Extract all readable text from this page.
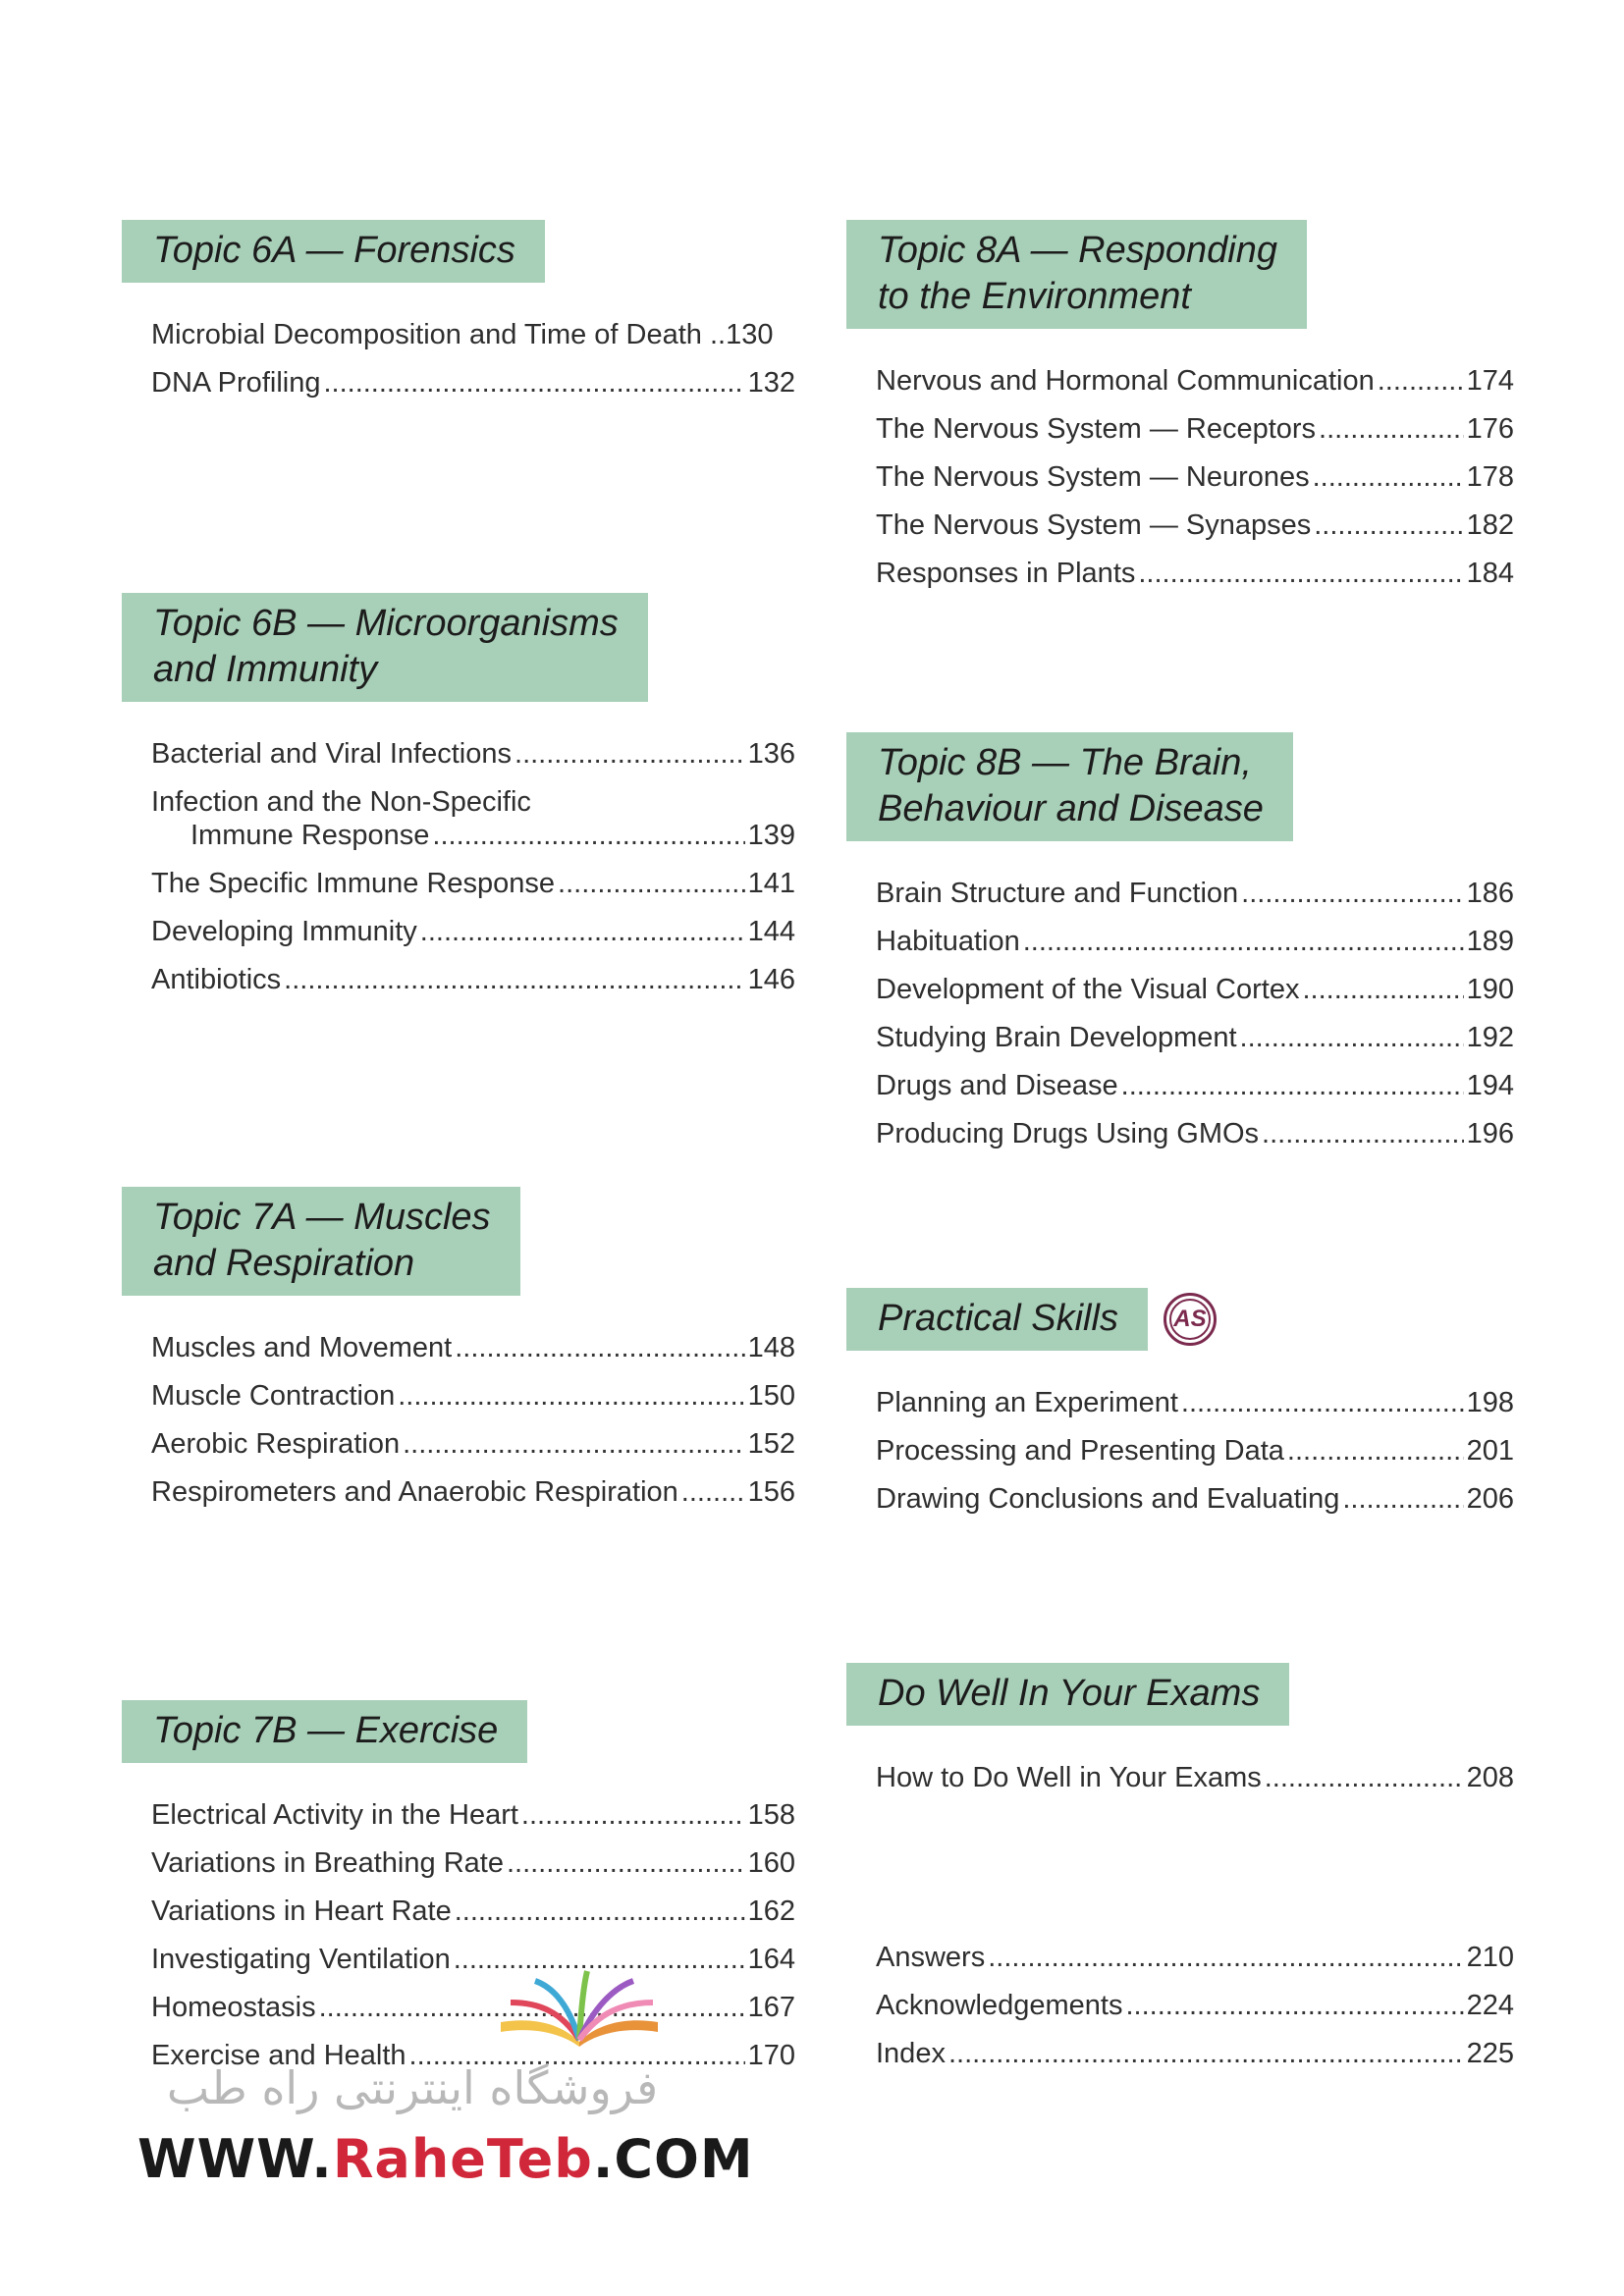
Topic 6A — Forensics
Microbial Decomposition and Time of Death .. 130
DNA Profiling .....	132
Topic 6B — Microorganisms
and Immunity
Bacterial and Viral Infections .....	136
Infection and the Non-Specific
Immune Response .....	139
The Specific Immune Response .....	141
Developing Immunity .....	144
Antibiotics .....	146
Topic 7A — Muscles
and Respiration
Muscles and Movement .....	148
Muscle Contraction .....	150
Aerobic Respiration .....	152
Respirometers and Anaerobic Respiration ..... 156
Topic 7B — Exercise
Electrical Activity in the Heart .....	158
Variations in Breathing Rate .....	160
Variations in Heart Rate .....	162
Investigating Ventilation .....	164
Homeostasis .....	167
Exercise and Health .....	170
Topic 8A — Responding
to the Environment
Nervous and Hormonal Communication .....	174
The Nervous System — Receptors .....	176
The Nervous System — Neurones .....	178
The Nervous System — Synapses .....	182
Responses in Plants .....	184
Topic 8B — The Brain,
Behaviour and Disease
Brain Structure and Function .....	186
Habituation .....	189
Development of the Visual Cortex .....	190
Studying Brain Development .....	192
Drugs and Disease .....	194
Producing Drugs Using GMOs .....	196
Practical Skills	AS
Planning an Experiment .....	198
Processing and Presenting Data .....	201
Drawing Conclusions and Evaluating .....	206
Do Well In Your Exams
How to Do Well in Your Exams .....	208
Answers .....	210
Acknowledgements .....	224
Index .....	225
فروشگاه اینترنتی راه طب
WWW.RaheTeb.COM
